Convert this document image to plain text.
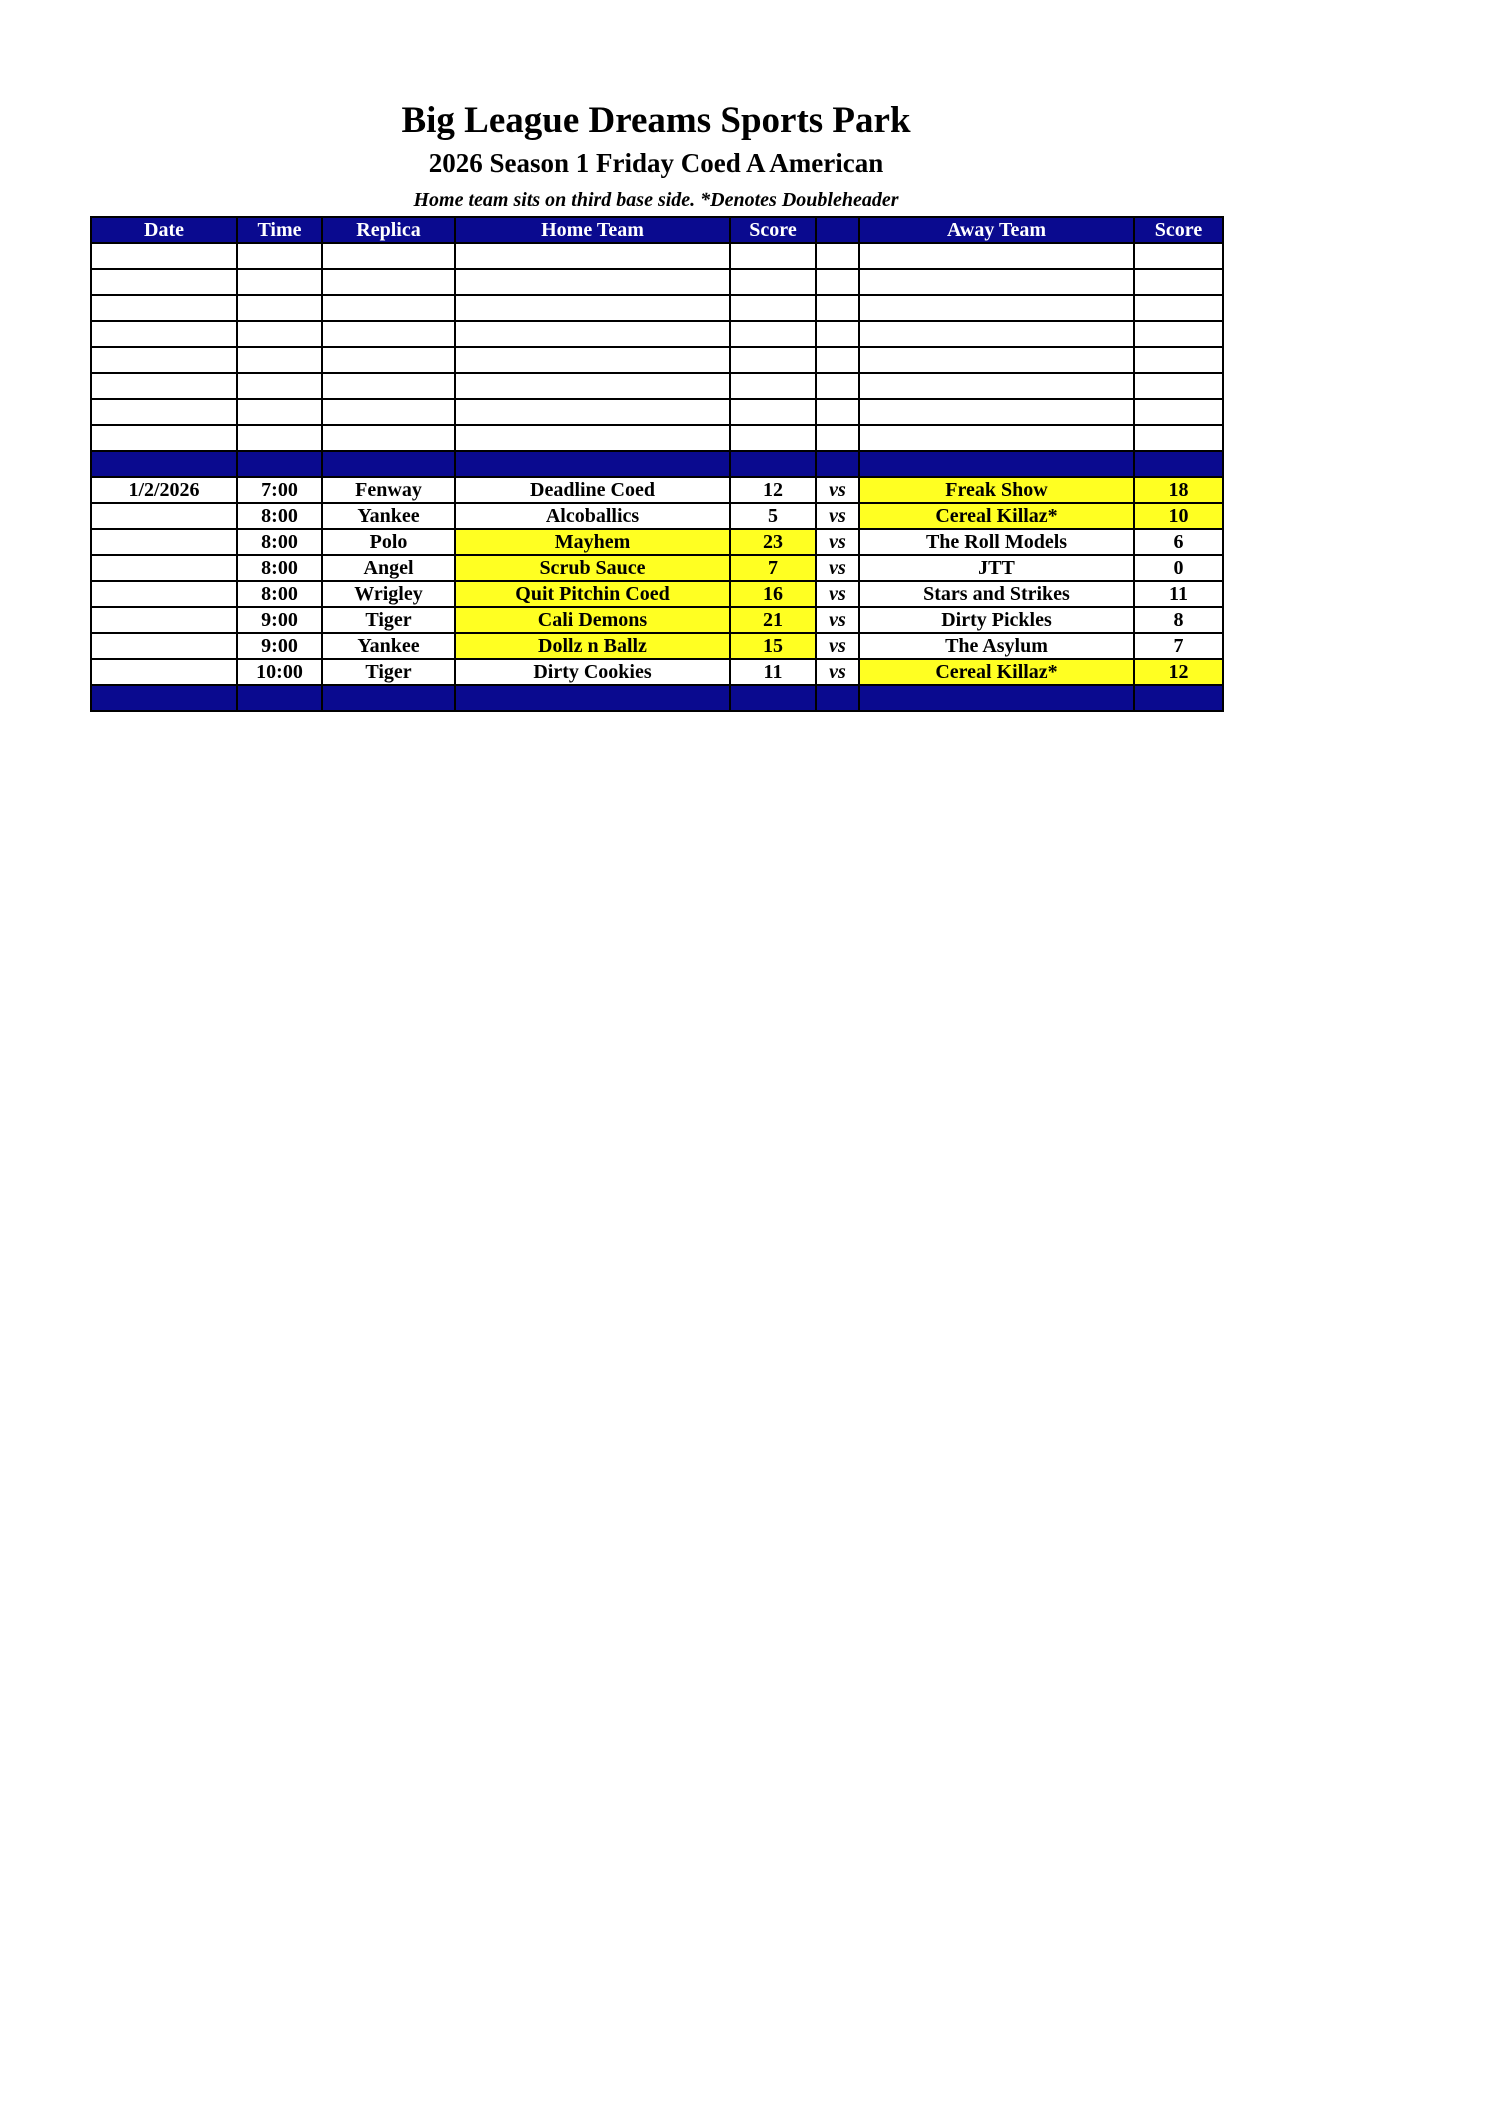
Big League Dreams Sports Park
2026 Season 1 Friday Coed A American
Home team sits on third base side. *Denotes Doubleheader
Date	Time	Replica	Home Team	Score		Away Team	Score

1/2/2026	7:00	Fenway	Deadline Coed	12	vs	Freak Show	18
	8:00	Yankee	Alcoballics	5	vs	Cereal Killaz*	10
	8:00	Polo	Mayhem	23	vs	The Roll Models	6
	8:00	Angel	Scrub Sauce	7	vs	JTT	0
	8:00	Wrigley	Quit Pitchin Coed	16	vs	Stars and Strikes	11
	9:00	Tiger	Cali Demons	21	vs	Dirty Pickles	8
	9:00	Yankee	Dollz n Ballz	15	vs	The Asylum	7
	10:00	Tiger	Dirty Cookies	11	vs	Cereal Killaz*	12
